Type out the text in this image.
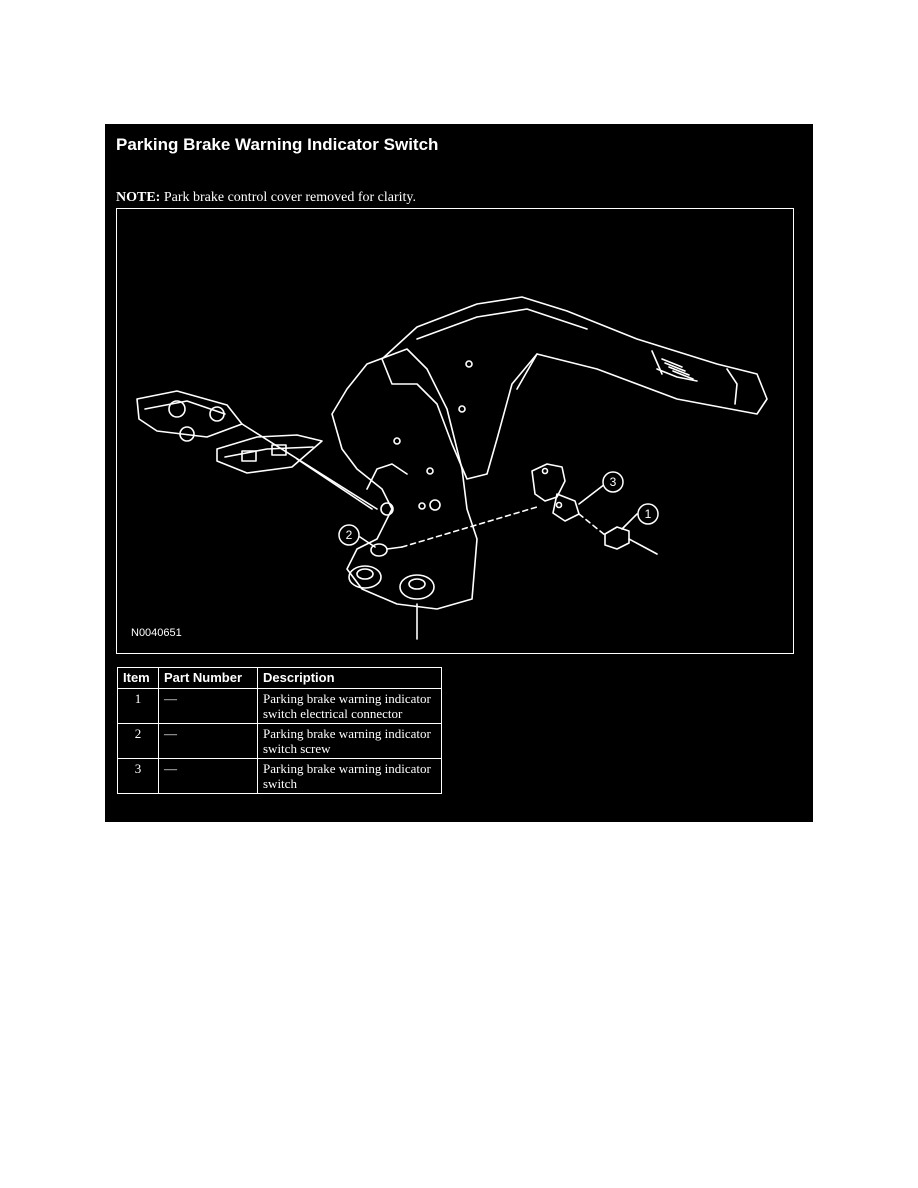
Parking Brake Warning Indicator Switch
NOTE: Park brake control cover removed for clarity.
1
2
3
N0040651
Item	Part Number	Description
1	—	Parking brake warning indicator switch electrical connector
2	—	Parking brake warning indicator switch screw
3	—	Parking brake warning indicator switch
